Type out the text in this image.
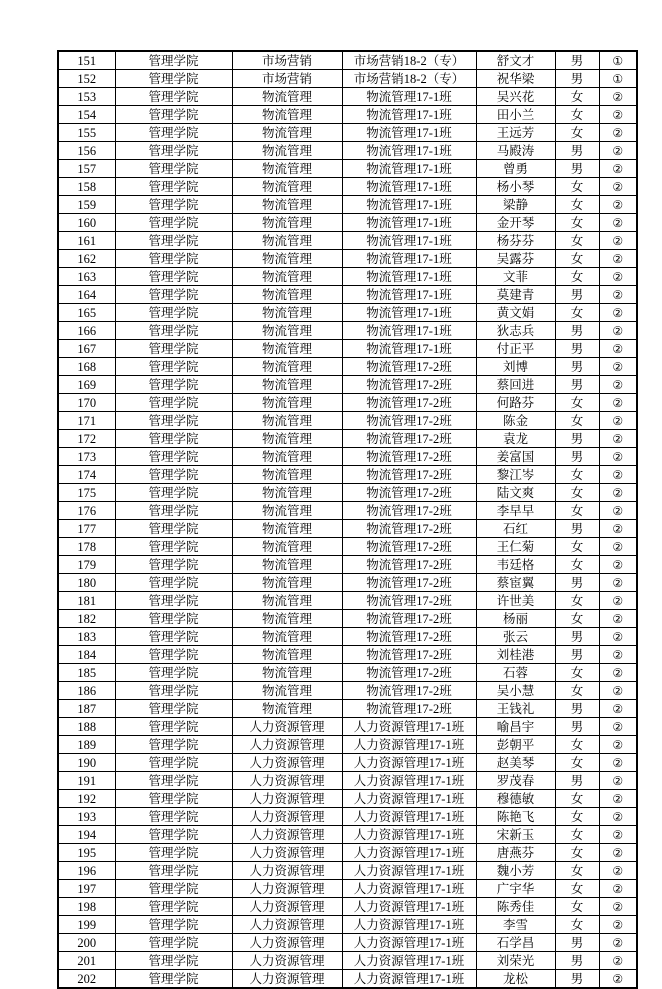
151	管理学院	市场营销	市场营销18-2（专）	舒文才	男	①
152	管理学院	市场营销	市场营销18-2（专）	祝华梁	男	①
153	管理学院	物流管理	物流管理17-1班	吴兴花	女	②
154	管理学院	物流管理	物流管理17-1班	田小兰	女	②
155	管理学院	物流管理	物流管理17-1班	王远芳	女	②
156	管理学院	物流管理	物流管理17-1班	马殿涛	男	②
157	管理学院	物流管理	物流管理17-1班	曾勇	男	②
158	管理学院	物流管理	物流管理17-1班	杨小琴	女	②
159	管理学院	物流管理	物流管理17-1班	梁静	女	②
160	管理学院	物流管理	物流管理17-1班	金开琴	女	②
161	管理学院	物流管理	物流管理17-1班	杨芬芬	女	②
162	管理学院	物流管理	物流管理17-1班	吴露芬	女	②
163	管理学院	物流管理	物流管理17-1班	文菲	女	②
164	管理学院	物流管理	物流管理17-1班	莫建青	男	②
165	管理学院	物流管理	物流管理17-1班	黄文娟	女	②
166	管理学院	物流管理	物流管理17-1班	狄志兵	男	②
167	管理学院	物流管理	物流管理17-1班	付正平	男	②
168	管理学院	物流管理	物流管理17-2班	刘博	男	②
169	管理学院	物流管理	物流管理17-2班	蔡回进	男	②
170	管理学院	物流管理	物流管理17-2班	何路芬	女	②
171	管理学院	物流管理	物流管理17-2班	陈金	女	②
172	管理学院	物流管理	物流管理17-2班	袁龙	男	②
173	管理学院	物流管理	物流管理17-2班	姜富国	男	②
174	管理学院	物流管理	物流管理17-2班	黎江岑	女	②
175	管理学院	物流管理	物流管理17-2班	陆文爽	女	②
176	管理学院	物流管理	物流管理17-2班	李早早	女	②
177	管理学院	物流管理	物流管理17-2班	石红	男	②
178	管理学院	物流管理	物流管理17-2班	王仁菊	女	②
179	管理学院	物流管理	物流管理17-2班	韦廷格	女	②
180	管理学院	物流管理	物流管理17-2班	蔡宦翼	男	②
181	管理学院	物流管理	物流管理17-2班	许世美	女	②
182	管理学院	物流管理	物流管理17-2班	杨丽	女	②
183	管理学院	物流管理	物流管理17-2班	张云	男	②
184	管理学院	物流管理	物流管理17-2班	刘桂港	男	②
185	管理学院	物流管理	物流管理17-2班	石蓉	女	②
186	管理学院	物流管理	物流管理17-2班	吴小慧	女	②
187	管理学院	物流管理	物流管理17-2班	王钱礼	男	②
188	管理学院	人力资源管理	人力资源管理17-1班	喻昌宇	男	②
189	管理学院	人力资源管理	人力资源管理17-1班	彭朝平	女	②
190	管理学院	人力资源管理	人力资源管理17-1班	赵美琴	女	②
191	管理学院	人力资源管理	人力资源管理17-1班	罗茂春	男	②
192	管理学院	人力资源管理	人力资源管理17-1班	穆德敏	女	②
193	管理学院	人力资源管理	人力资源管理17-1班	陈艳飞	女	②
194	管理学院	人力资源管理	人力资源管理17-1班	宋新玉	女	②
195	管理学院	人力资源管理	人力资源管理17-1班	唐燕芬	女	②
196	管理学院	人力资源管理	人力资源管理17-1班	魏小芳	女	②
197	管理学院	人力资源管理	人力资源管理17-1班	广宇华	女	②
198	管理学院	人力资源管理	人力资源管理17-1班	陈秀佳	女	②
199	管理学院	人力资源管理	人力资源管理17-1班	李雪	女	②
200	管理学院	人力资源管理	人力资源管理17-1班	石学昌	男	②
201	管理学院	人力资源管理	人力资源管理17-1班	刘荣光	男	②
202	管理学院	人力资源管理	人力资源管理17-1班	龙松	男	②
